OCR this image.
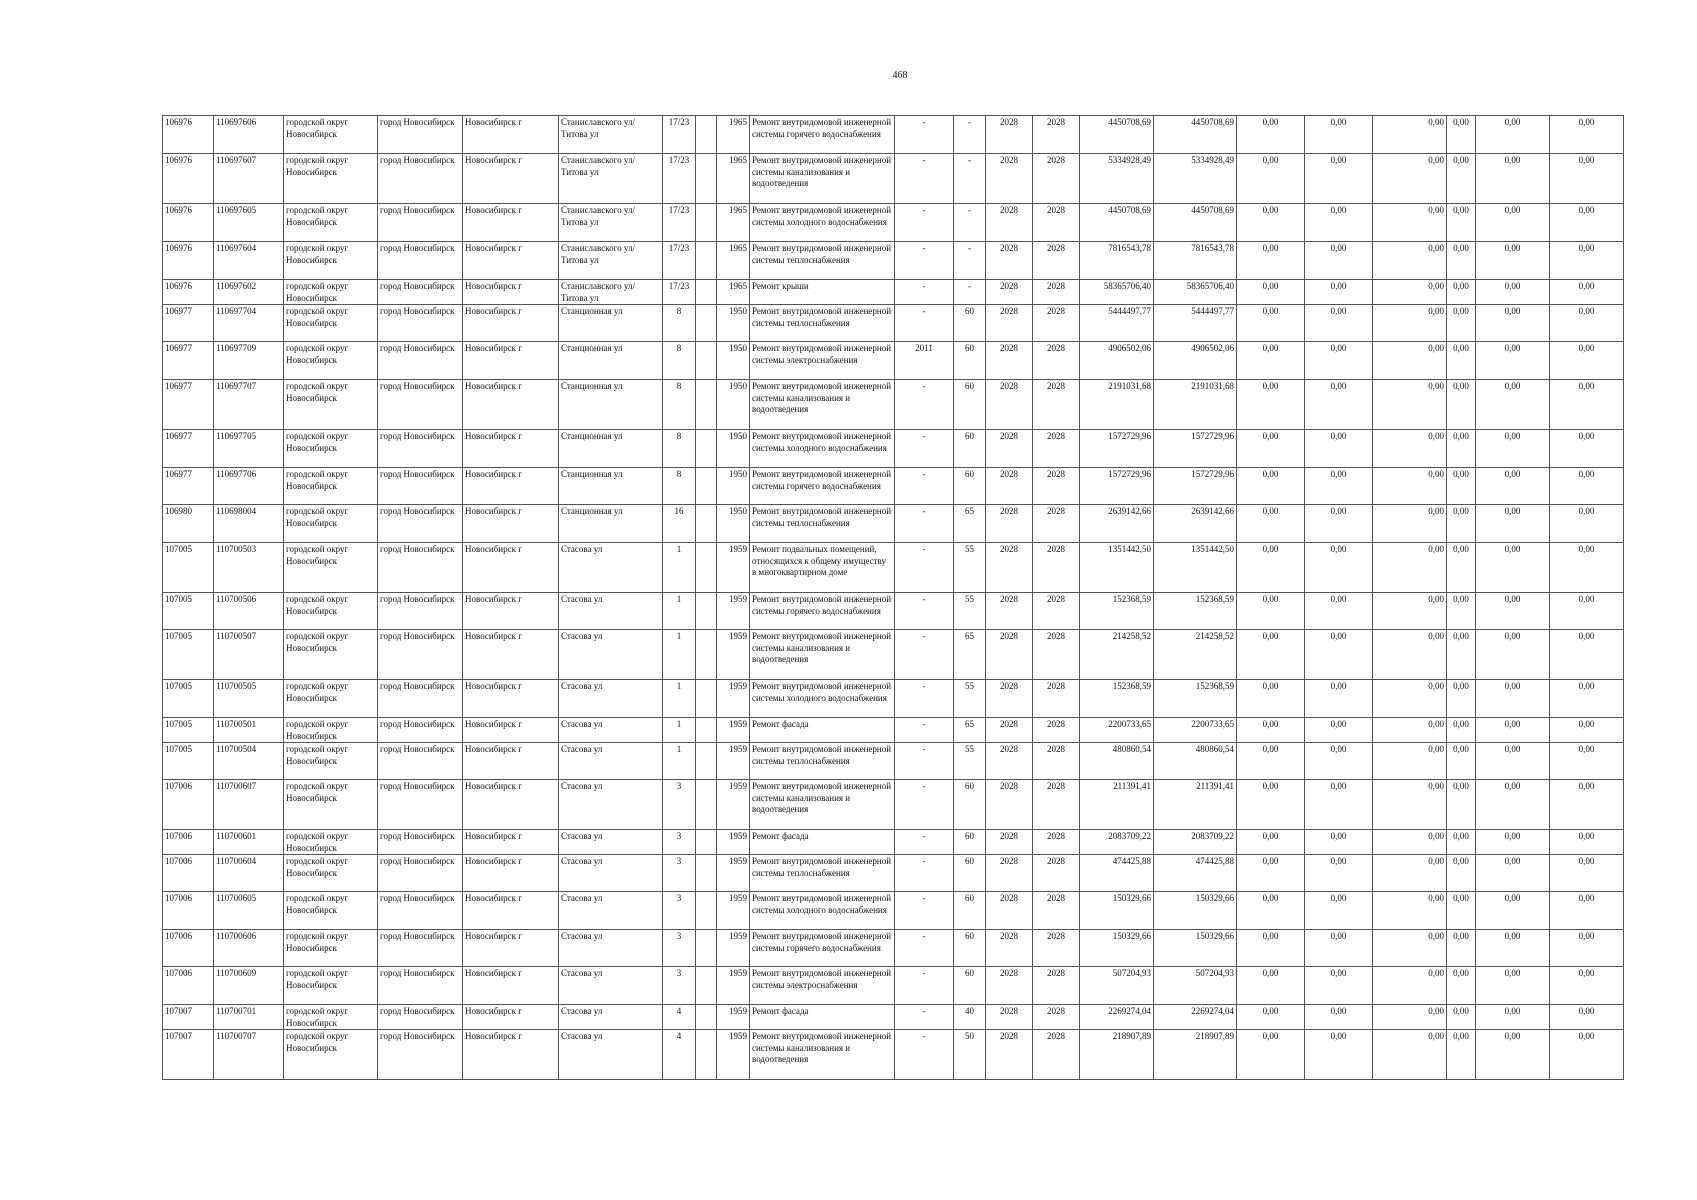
468
106976	110697606	городской округ Новосибирск	город Новосибирск	Новосибирск г	Станиславского ул/Титова ул	17/23		1965	Ремонт внутридомовой инженерной системы горячего водоснабжения	-	-	2028	2028	4450708,69	4450708,69	0,00	0,00	0,00	0,00	0,00	0,00
106976	110697607	городской округ Новосибирск	город Новосибирск	Новосибирск г	Станиславского ул/Титова ул	17/23		1965	Ремонт внутридомовой инженерной системы канализования и водоотведения	-	-	2028	2028	5334928,49	5334928,49	0,00	0,00	0,00	0,00	0,00	0,00
106976	110697605	городской округ Новосибирск	город Новосибирск	Новосибирск г	Станиславского ул/Титова ул	17/23		1965	Ремонт внутридомовой инженерной системы холодного водоснабжения	-	-	2028	2028	4450708,69	4450708,69	0,00	0,00	0,00	0,00	0,00	0,00
106976	110697604	городской округ Новосибирск	город Новосибирск	Новосибирск г	Станиславского ул/Титова ул	17/23		1965	Ремонт внутридомовой инженерной системы теплоснабжения	-	-	2028	2028	7816543,78	7816543,78	0,00	0,00	0,00	0,00	0,00	0,00
106976	110697602	городской округ Новосибирск	город Новосибирск	Новосибирск г	Станиславского ул/Титова ул	17/23		1965	Ремонт крыши	-	-	2028	2028	58365706,40	58365706,40	0,00	0,00	0,00	0,00	0,00	0,00
106977	110697704	городской округ Новосибирск	город Новосибирск	Новосибирск г	Станционная ул	8		1950	Ремонт внутридомовой инженерной системы теплоснабжения	-	60	2028	2028	5444497,77	5444497,77	0,00	0,00	0,00	0,00	0,00	0,00
106977	110697709	городской округ Новосибирск	город Новосибирск	Новосибирск г	Станционная ул	8		1950	Ремонт внутридомовой инженерной системы электроснабжения	2011	60	2028	2028	4906502,06	4906502,06	0,00	0,00	0,00	0,00	0,00	0,00
106977	110697707	городской округ Новосибирск	город Новосибирск	Новосибирск г	Станционная ул	8		1950	Ремонт внутридомовой инженерной системы канализования и водоотведения	-	60	2028	2028	2191031,68	2191031,68	0,00	0,00	0,00	0,00	0,00	0,00
106977	110697705	городской округ Новосибирск	город Новосибирск	Новосибирск г	Станционная ул	8		1950	Ремонт внутридомовой инженерной системы холодного водоснабжения	-	60	2028	2028	1572729,96	1572729,96	0,00	0,00	0,00	0,00	0,00	0,00
106977	110697706	городской округ Новосибирск	город Новосибирск	Новосибирск г	Станционная ул	8		1950	Ремонт внутридомовой инженерной системы горячего водоснабжения	-	60	2028	2028	1572729,96	1572729,96	0,00	0,00	0,00	0,00	0,00	0,00
106980	110698004	городской округ Новосибирск	город Новосибирск	Новосибирск г	Станционная ул	16		1950	Ремонт внутридомовой инженерной системы теплоснабжения	-	65	2028	2028	2639142,66	2639142,66	0,00	0,00	0,00	0,00	0,00	0,00
107005	110700503	городской округ Новосибирск	город Новосибирск	Новосибирск г	Стасова ул	1		1959	Ремонт подвальных помещений, относящихся к общему имуществу в многоквартирном доме	-	55	2028	2028	1351442,50	1351442,50	0,00	0,00	0,00	0,00	0,00	0,00
107005	110700506	городской округ Новосибирск	город Новосибирск	Новосибирск г	Стасова ул	1		1959	Ремонт внутридомовой инженерной системы горячего водоснабжения	-	55	2028	2028	152368,59	152368,59	0,00	0,00	0,00	0,00	0,00	0,00
107005	110700507	городской округ Новосибирск	город Новосибирск	Новосибирск г	Стасова ул	1		1959	Ремонт внутридомовой инженерной системы канализования и водоотведения	-	65	2028	2028	214258,52	214258,52	0,00	0,00	0,00	0,00	0,00	0,00
107005	110700505	городской округ Новосибирск	город Новосибирск	Новосибирск г	Стасова ул	1		1959	Ремонт внутридомовой инженерной системы холодного водоснабжения	-	55	2028	2028	152368,59	152368,59	0,00	0,00	0,00	0,00	0,00	0,00
107005	110700501	городской округ Новосибирск	город Новосибирск	Новосибирск г	Стасова ул	1		1959	Ремонт фасада	-	65	2028	2028	2200733,65	2200733,65	0,00	0,00	0,00	0,00	0,00	0,00
107005	110700504	городской округ Новосибирск	город Новосибирск	Новосибирск г	Стасова ул	1		1959	Ремонт внутридомовой инженерной системы теплоснабжения	-	55	2028	2028	480860,54	480860,54	0,00	0,00	0,00	0,00	0,00	0,00
107006	110700607	городской округ Новосибирск	город Новосибирск	Новосибирск г	Стасова ул	3		1959	Ремонт внутридомовой инженерной системы канализования и водоотведения	-	60	2028	2028	211391,41	211391,41	0,00	0,00	0,00	0,00	0,00	0,00
107006	110700601	городской округ Новосибирск	город Новосибирск	Новосибирск г	Стасова ул	3		1959	Ремонт фасада	-	60	2028	2028	2083709,22	2083709,22	0,00	0,00	0,00	0,00	0,00	0,00
107006	110700604	городской округ Новосибирск	город Новосибирск	Новосибирск г	Стасова ул	3		1959	Ремонт внутридомовой инженерной системы теплоснабжения	-	60	2028	2028	474425,88	474425,88	0,00	0,00	0,00	0,00	0,00	0,00
107006	110700605	городской округ Новосибирск	город Новосибирск	Новосибирск г	Стасова ул	3		1959	Ремонт внутридомовой инженерной системы холодного водоснабжения	-	60	2028	2028	150329,66	150329,66	0,00	0,00	0,00	0,00	0,00	0,00
107006	110700606	городской округ Новосибирск	город Новосибирск	Новосибирск г	Стасова ул	3		1959	Ремонт внутридомовой инженерной системы горячего водоснабжения	-	60	2028	2028	150329,66	150329,66	0,00	0,00	0,00	0,00	0,00	0,00
107006	110700609	городской округ Новосибирск	город Новосибирск	Новосибирск г	Стасова ул	3		1959	Ремонт внутридомовой инженерной системы электроснабжения	-	60	2028	2028	507204,93	507204,93	0,00	0,00	0,00	0,00	0,00	0,00
107007	110700701	городской округ Новосибирск	город Новосибирск	Новосибирск г	Стасова ул	4		1959	Ремонт фасада	-	40	2028	2028	2269274,04	2269274,04	0,00	0,00	0,00	0,00	0,00	0,00
107007	110700707	городской округ Новосибирск	город Новосибирск	Новосибирск г	Стасова ул	4		1959	Ремонт внутридомовой инженерной системы канализования и водоотведения	-	50	2028	2028	218907,89	218907,89	0,00	0,00	0,00	0,00	0,00	0,00
